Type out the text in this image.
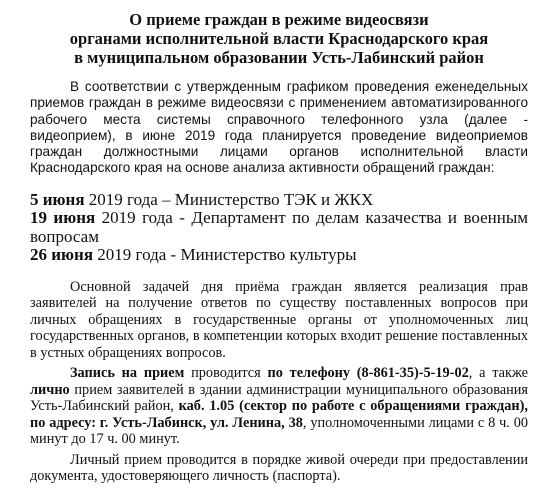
О приеме граждан в режиме видеосвязи
органами исполнительной власти Краснодарского края
в муниципальном образовании Усть-Лабинский район

В соответствии с утвержденным графиком проведения еженедельных приемов граждан в режиме видеосвязи с применением автоматизированного рабочего места системы справочного телефонного узла (далее - видеоприем), в июне 2019 года планируется проведение видеоприемов граждан должностными лицами органов исполнительной власти Краснодарского края на основе анализа активности обращений граждан:

5 июня 2019 года – Министерство ТЭК и ЖКХ
19 июня 2019 года - Департамент по делам казачества и военным вопросам
26 июня 2019 года - Министерство культуры

Основной задачей дня приёма граждан является реализация прав заявителей на получение ответов по существу поставленных вопросов при личных обращениях в государственные органы от уполномоченных лиц государственных органов, в компетенции которых входит решение поставленных в устных обращениях вопросов.

Запись на прием проводится по телефону (8-861-35)-5-19-02, а также лично прием заявителей в здании администрации муниципального образования Усть-Лабинский район, каб. 1.05 (сектор по работе с обращениями граждан), по адресу: г. Усть-Лабинск, ул. Ленина, 38, уполномоченными лицами с 8 ч. 00 минут до 17 ч. 00 минут.

Личный прием проводится в порядке живой очереди при предоставлении документа, удостоверяющего личность (паспорта).
